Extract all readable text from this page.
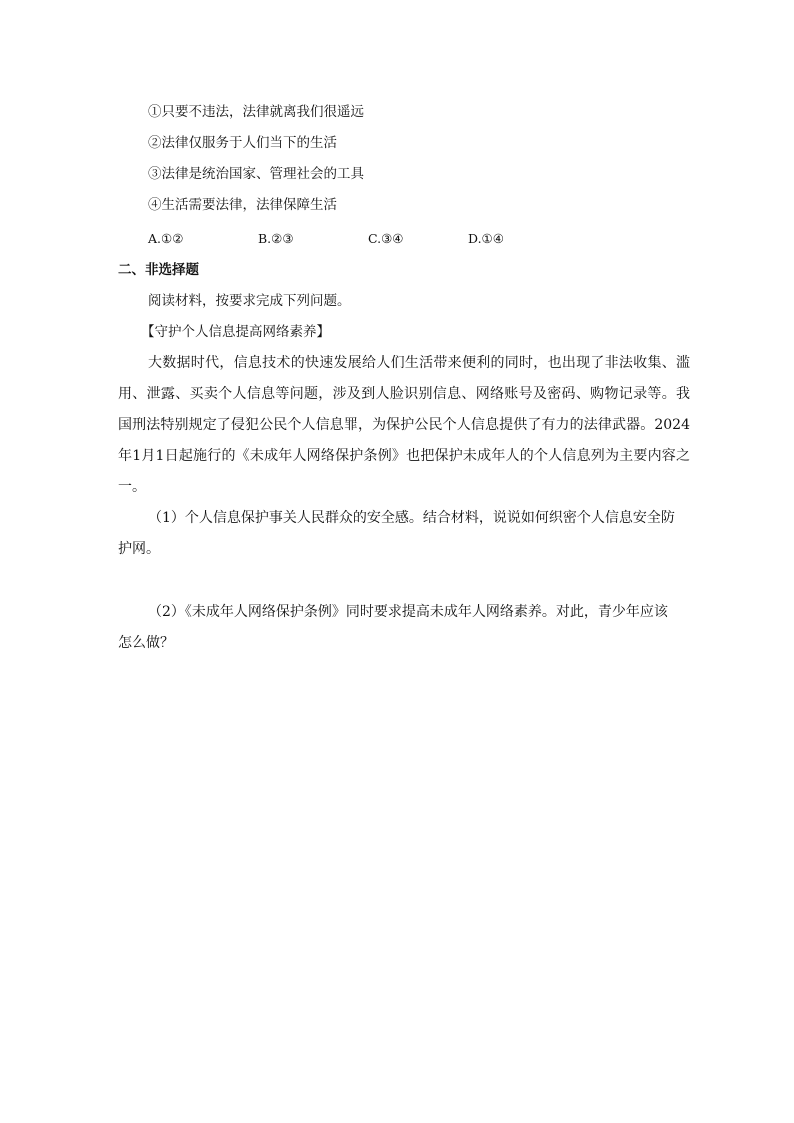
①只要不违法，法律就离我们很遥远
②法律仅服务于人们当下的生活
③法律是统治国家、管理社会的工具
④生活需要法律，法律保障生活
A.①②	B.②③	C.③④	D.①④
二、非选择题
阅读材料，按要求完成下列问题。
【守护个人信息提高网络素养】

大数据时代，信息技术的快速发展给人们生活带来便利的同时，也出现了非法收集、滥用、泄露、买卖个人信息等问题，涉及到人脸识别信息、网络账号及密码、购物记录等。我国刑法特别规定了侵犯公民个人信息罪，为保护公民个人信息提供了有力的法律武器。2024年1月1日起施行的《未成年人网络保护条例》也把保护未成年人的个人信息列为主要内容之一。

（1）个人信息保护事关人民群众的安全感。结合材料，说说如何织密个人信息安全防护网。

（2）《未成年人网络保护条例》同时要求提高未成年人网络素养。对此，青少年应该怎么做？
